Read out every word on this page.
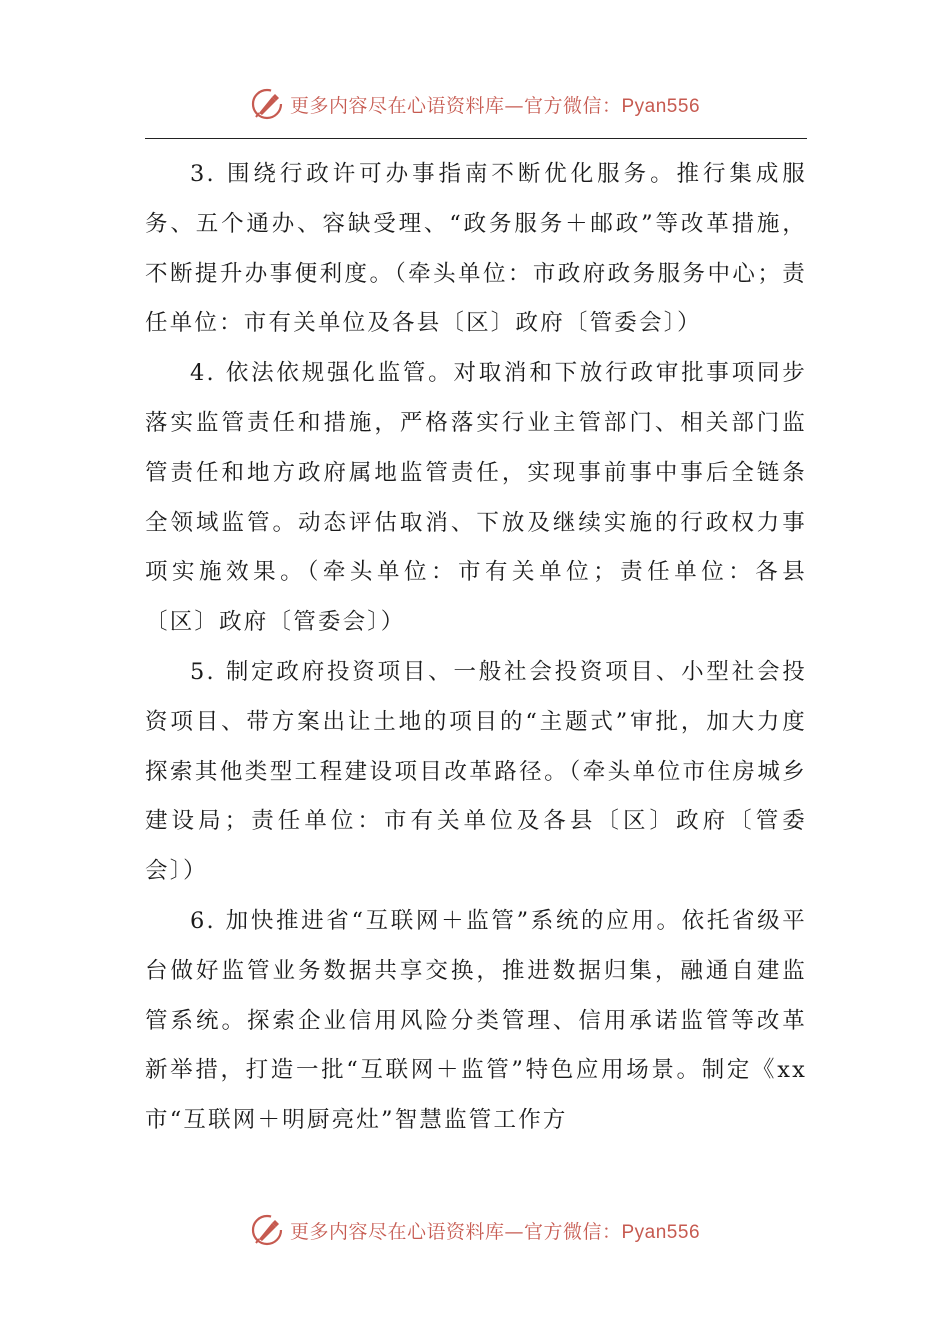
更多内容尽在心语资料库—官方微信：Pyan556

3. 围绕行政许可办事指南不断优化服务。推行集成服务、五个通办、容缺受理、“政务服务＋邮政”等改革措施，不断提升办事便利度。（牵头单位：市政府政务服务中心；责任单位：市有关单位及各县〔区〕政府〔管委会〕）

4. 依法依规强化监管。对取消和下放行政审批事项同步落实监管责任和措施，严格落实行业主管部门、相关部门监管责任和地方政府属地监管责任，实现事前事中事后全链条全领域监管。动态评估取消、下放及继续实施的行政权力事项实施效果。（牵头单位：市有关单位；责任单位：各县〔区〕政府〔管委会〕）

5. 制定政府投资项目、一般社会投资项目、小型社会投资项目、带方案出让土地的项目的“主题式”审批，加大力度探索其他类型工程建设项目改革路径。（牵头单位市住房城乡建设局；责任单位：市有关单位及各县〔区〕政府〔管委会〕）

6. 加快推进省“互联网＋监管”系统的应用。依托省级平台做好监管业务数据共享交换，推进数据归集，融通自建监管系统。探索企业信用风险分类管理、信用承诺监管等改革新举措，打造一批“互联网＋监管”特色应用场景。制定《xx市“互联网＋明厨亮灶”智慧监管工作方

更多内容尽在心语资料库—官方微信：Pyan556
